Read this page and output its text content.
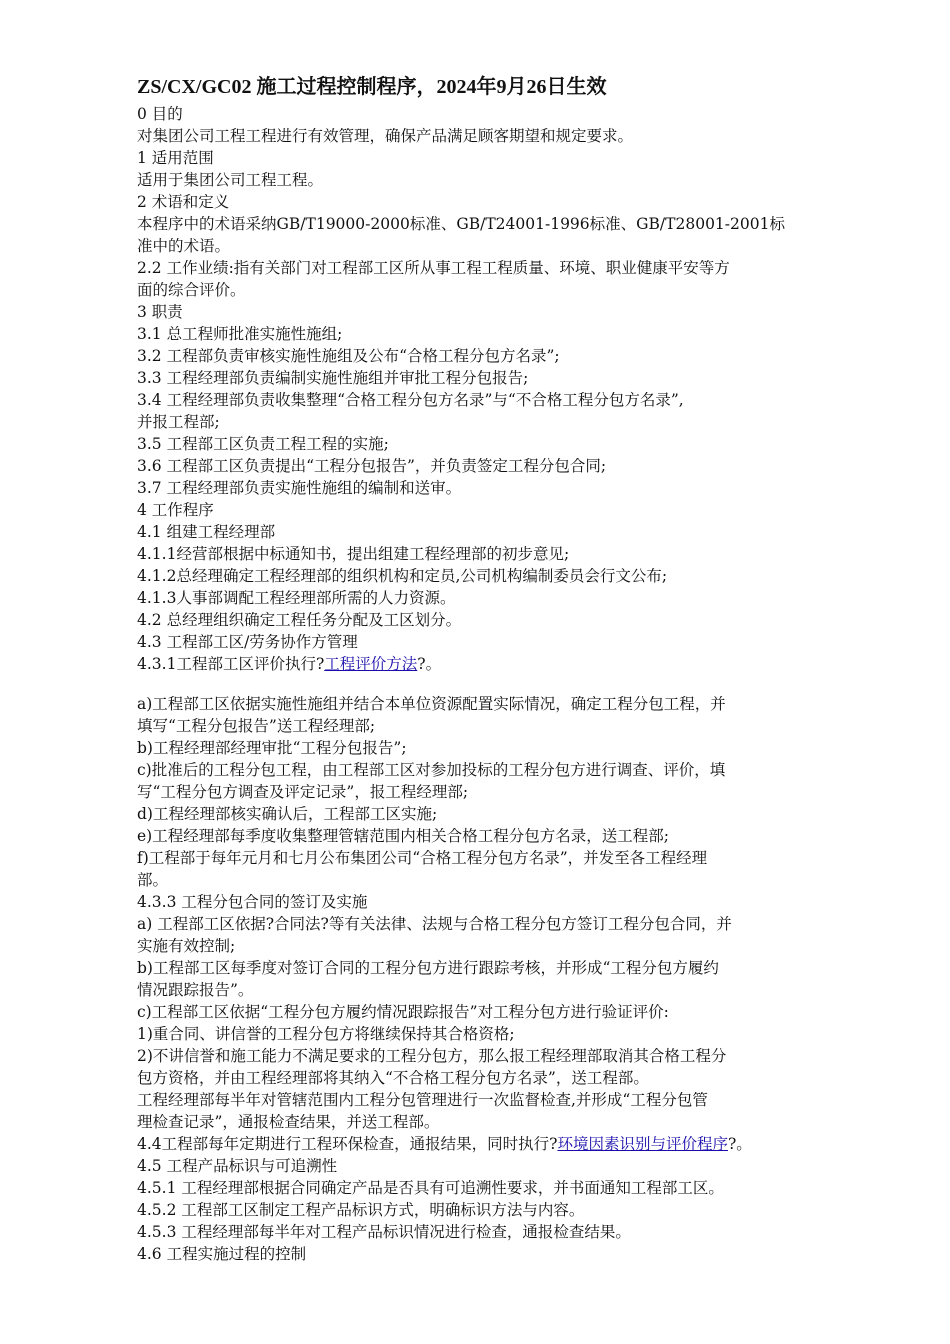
ZS/CX/GC02 施工过程控制程序，2024年9月26日生效
0 目的
对集团公司工程工程进行有效管理，确保产品满足顾客期望和规定要求。
1 适用范围
适用于集团公司工程工程。
2 术语和定义
本程序中的术语采纳GB/T19000-2000标准、GB/T24001-1996标准、GB/T28001-2001标
准中的术语。
2.2 工作业绩:指有关部门对工程部工区所从事工程工程质量、环境、职业健康平安等方
面的综合评价。
3 职责
3.1 总工程师批准实施性施组;
3.2 工程部负责审核实施性施组及公布“合格工程分包方名录”;
3.3 工程经理部负责编制实施性施组并审批工程分包报告;
3.4 工程经理部负责收集整理“合格工程分包方名录”与“不合格工程分包方名录”,
并报工程部;
3.5 工程部工区负责工程工程的实施;
3.6 工程部工区负责提出“工程分包报告”，并负责签定工程分包合同;
3.7 工程经理部负责实施性施组的编制和送审。
4 工作程序
4.1 组建工程经理部
4.1.1经营部根据中标通知书，提出组建工程经理部的初步意见;
4.1.2总经理确定工程经理部的组织机构和定员,公司机构编制委员会行文公布;
4.1.3人事部调配工程经理部所需的人力资源。
4.2 总经理组织确定工程任务分配及工区划分。
4.3 工程部工区/劳务协作方管理
4.3.1工程部工区评价执行?工程评价方法?。
a)工程部工区依据实施性施组并结合本单位资源配置实际情况，确定工程分包工程，并
填写“工程分包报告”送工程经理部;
b)工程经理部经理审批“工程分包报告”;
c)批准后的工程分包工程，由工程部工区对参加投标的工程分包方进行调查、评价，填
写“工程分包方调查及评定记录”，报工程经理部;
d)工程经理部核实确认后，工程部工区实施;
e)工程经理部每季度收集整理管辖范围内相关合格工程分包方名录，送工程部;
f)工程部于每年元月和七月公布集团公司“合格工程分包方名录”，并发至各工程经理
部。
4.3.3 工程分包合同的签订及实施
a) 工程部工区依据?合同法?等有关法律、法规与合格工程分包方签订工程分包合同，并
实施有效控制;
b)工程部工区每季度对签订合同的工程分包方进行跟踪考核，并形成“工程分包方履约
情况跟踪报告”。
c)工程部工区依据“工程分包方履约情况跟踪报告”对工程分包方进行验证评价:
1)重合同、讲信誉的工程分包方将继续保持其合格资格;
2)不讲信誉和施工能力不满足要求的工程分包方，那么报工程经理部取消其合格工程分
包方资格，并由工程经理部将其纳入“不合格工程分包方名录”，送工程部。
工程经理部每半年对管辖范围内工程分包管理进行一次监督检查,并形成“工程分包管
理检查记录”，通报检查结果，并送工程部。
4.4工程部每年定期进行工程环保检查，通报结果，同时执行?环境因素识别与评价程序?。
4.5 工程产品标识与可追溯性
4.5.1 工程经理部根据合同确定产品是否具有可追溯性要求，并书面通知工程部工区。
4.5.2 工程部工区制定工程产品标识方式，明确标识方法与内容。
4.5.3 工程经理部每半年对工程产品标识情况进行检查，通报检查结果。
4.6 工程实施过程的控制
